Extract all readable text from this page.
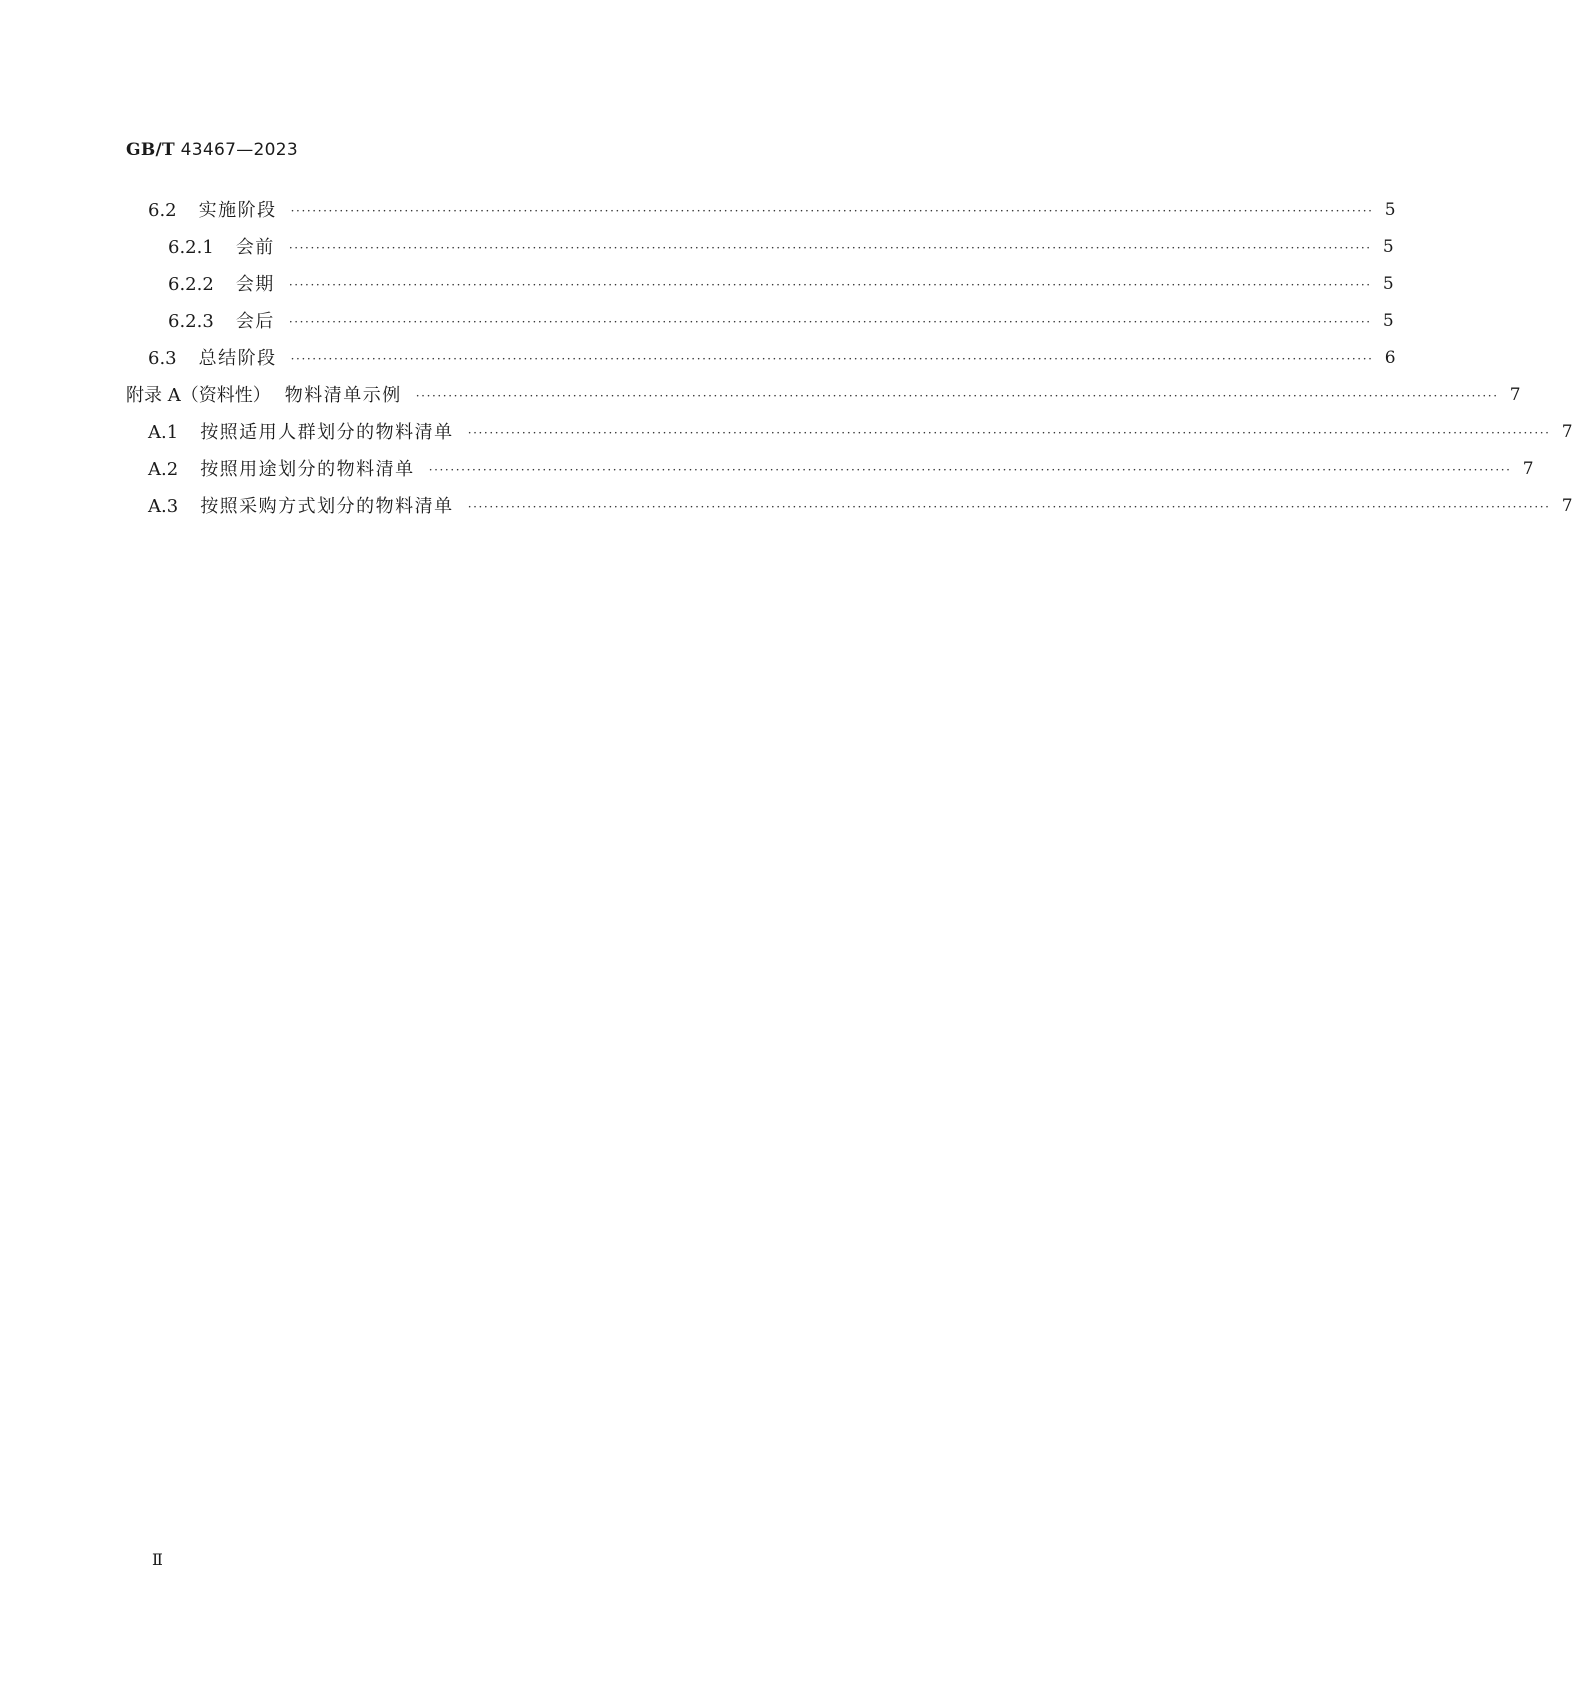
GB/T 43467—2023
6.2 实施阶段 ········································································································································································································ 5
6.2.1 会前 ········································································································································································································ 5
6.2.2 会期 ········································································································································································································ 5
6.2.3 会后 ········································································································································································································ 5
6.3 总结阶段 ········································································································································································································ 6
附录 A（资料性） 物料清单示例 ········································································································································································································ 7
A.1 按照适用人群划分的物料清单 ········································································································································································································ 7
A.2 按照用途划分的物料清单 ········································································································································································································ 7
A.3 按照采购方式划分的物料清单 ········································································································································································································ 7
Ⅱ
